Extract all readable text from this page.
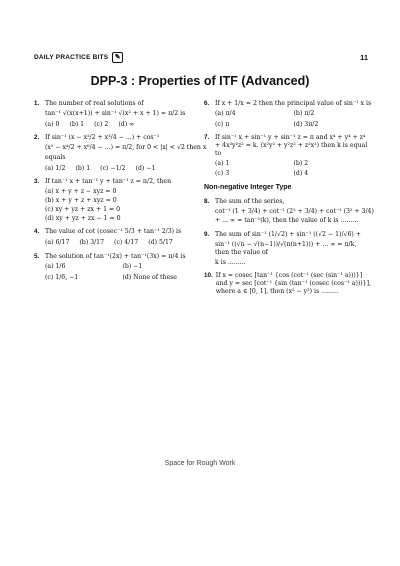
DAILY PRACTICE BITS ✎	11
DPP-3 : Properties of ITF (Advanced)
1. The number of real solutions of
tan⁻¹ √(x(x+1)) + sin⁻¹ √(x² + x + 1) = π/2 is
(a) 0 (b) 1 (c) 2 (d) ∞
2. If sin⁻¹ (x − x²/2 + x³/4 − ...) + cos⁻¹
(x² − x⁴/2 + x⁶/4 − ...) = π/2, for 0 < |x| < √2 then x
equals
(a) 1/2 (b) 1 (c) −1/2 (d) −1
3. If tan⁻¹ x + tan⁻¹ y + tan⁻¹ z = π/2, then
(a) x + y + z − xyz = 0
(b) x + y + z + xyz = 0
(c) xy + yz + zx + 1 = 0
(d) xy + yz + zx − 1 = 0
4. The value of cot (cosec⁻¹ 5/3 + tan⁻¹ 2/3) is
(a) 6/17 (b) 3/17 (c) 4/17 (d) 5/17
5. The solution of tan⁻¹(2x) + tan⁻¹(3x) = π/4 is
(a) 1/6	(b) −1
(c) 1/6, −1	(d) None of these
6. If x + 1/x = 2 then the principal value of sin⁻¹ x is
(a) π/4	(b) π/2
(c) π	(d) 3π/2
7. If sin⁻¹ x + sin⁻¹ y + sin⁻¹ z = π and x⁴ + y⁴ + z⁴ + 4x²y²z² = k. (x²y² + y²z² + z²x²) then k is equal to
(a) 1	(b) 2
(c) 3	(d) 4
Non-negative Integer Type
8. The sum of the series,
cot⁻¹ (1 + 3/4) + cot⁻¹ (2² + 3/4) + cot⁻¹ (3² + 3/4)
+ ... ∞ = tan⁻¹(k), then the value of k is .........
9. The sum of sin⁻¹ (1/√2) + sin⁻¹ ((√2 − 1)/√6) +
sin⁻¹ ((√n − √(n−1))/√(n(n+1))) + ... ∞ = π/k, then the value of
k is .........
10. If x = cosec [tan⁻¹ {cos (cot⁻¹ (sec (sin⁻¹ a)))}] and y = sec [cot⁻¹ {sin (tan⁻¹ (cosec (cos⁻¹ a)))}], where a ∈ [0, 1], then (x² − y²) is .........
Space for Rough Work
